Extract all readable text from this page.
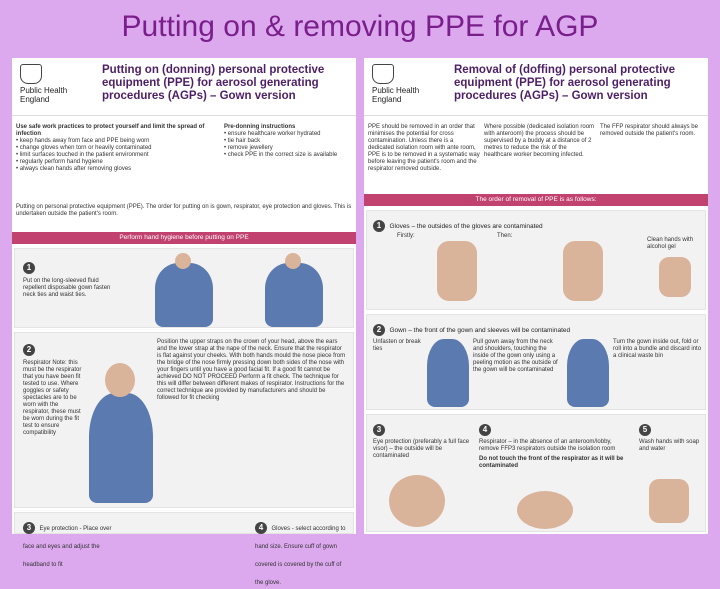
Putting on & removing PPE for AGP
Public Health
England
Putting on (donning) personal protective equipment (PPE) for aerosol generating procedures (AGPs) – Gown version
Use safe work practices to protect yourself and limit the spread of infection
• keep hands away from face and PPE being worn
• change gloves when torn or heavily contaminated
• limit surfaces touched in the patient environment
• regularly perform hand hygiene
• always clean hands after removing gloves
Pre-donning instructions
• ensure healthcare worker hydrated
• tie hair back
• remove jewellery
• check PPE in the correct size is available
Putting on personal protective equipment (PPE). The order for putting on is gown, respirator, eye protection and gloves. This is undertaken outside the patient's room.
Perform hand hygiene before putting on PPE
1
Put on the long-sleeved fluid repellent disposable gown fasten neck ties and waist ties.
2
Respirator Note: this must be the respirator that you have been fit tested to use. Where goggles or safety spectacles are to be worn with the respirator, these must be worn during the fit test to ensure compatibility
Position the upper straps on the crown of your head, above the ears and the lower strap at the nape of the neck. Ensure that the respirator is flat against your cheeks. With both hands mould the nose piece from the bridge of the nose firmly pressing down both sides of the nose with your fingers until you have a good facial fit. If a good fit cannot be achieved DO NOT PROCEED Perform a fit check. The technique for this will differ between different makes of respirator. Instructions for the correct technique are provided by manufacturers and should be followed for fit checking
3 Eye protection - Place over face and eyes and adjust the headband to fit
4 Gloves - select according to hand size. Ensure cuff of gown covered is covered by the cuff of the glove.
Public Health
England
Removal of (doffing) personal protective equipment (PPE) for aerosol generating procedures (AGPs) – Gown version
PPE should be removed in an order that minimises the potential for cross contamination. Unless there is a dedicated isolation room with ante room, PPE is to be removed in a systematic way before leaving the patient's room and the respirator removed outside.
Where possible (dedicated isolation room with anteroom) the process should be supervised by a buddy at a distance of 2 metres to reduce the risk of the healthcare worker becoming infected.
The FFP respirator should always be removed outside the patient's room.
The order of removal of PPE is as follows:
1 Gloves – the outsides of the gloves are contaminated
Firstly:	Then:
Clean hands with alcohol gel
2 Gown – the front of the gown and sleeves will be contaminated
Unfasten or break ties
Pull gown away from the neck and shoulders, touching the inside of the gown only using a peeling motion as the outside of the gown will be contaminated
Turn the gown inside out, fold or roll into a bundle and discard into a clinical waste bin
3
Eye protection (preferably a full face visor) – the outside will be contaminated
4
Respirator – in the absence of an anteroom/lobby, remove FFP3 respirators outside the isolation room
Do not touch the front of the respirator as it will be contaminated
5
Wash hands with soap and water
